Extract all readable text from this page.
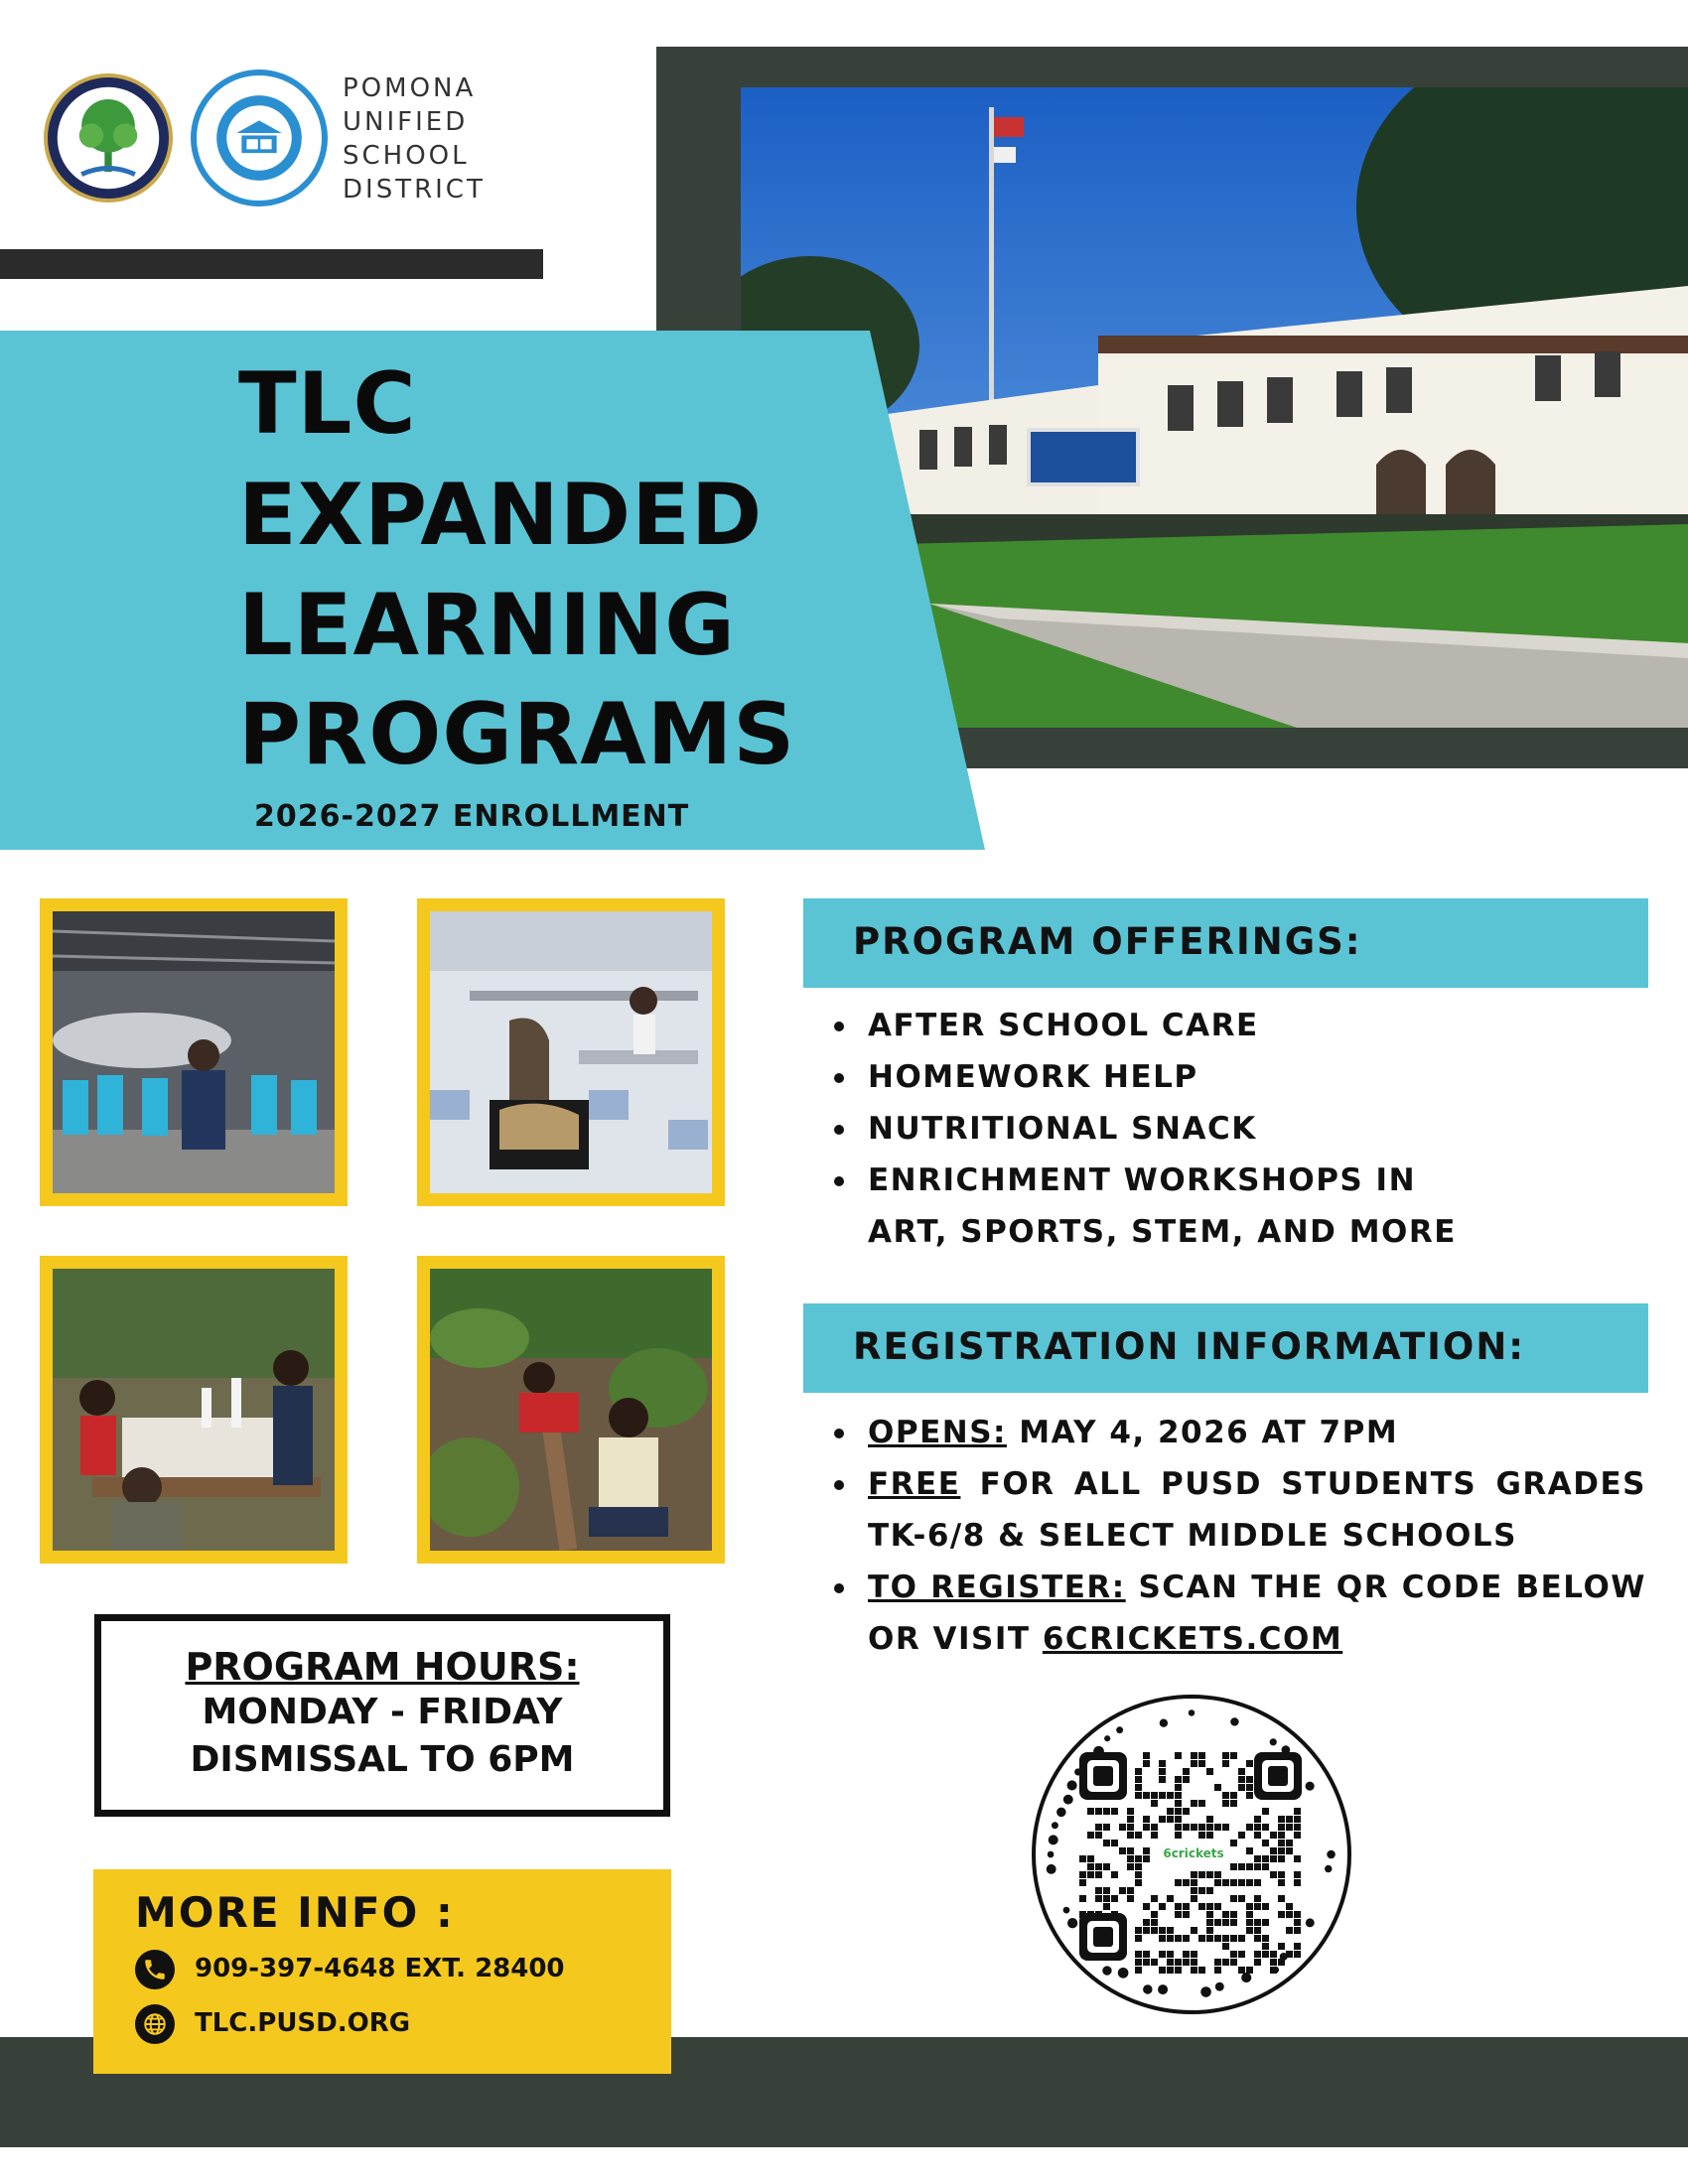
POMONA
UNIFIED
SCHOOL
DISTRICT
TLC
EXPANDED
LEARNING
PROGRAMS
2026-2027 ENROLLMENT
PROGRAM HOURS:
MONDAY - FRIDAY
DISMISSAL TO 6PM
MORE INFO :
909-397-4648 EXT. 28400
TLC.PUSD.ORG
PROGRAM OFFERINGS:
AFTER SCHOOL CARE
HOMEWORK HELP
NUTRITIONAL SNACK
ENRICHMENT WORKSHOPS IN ART, SPORTS, STEM, AND MORE
REGISTRATION INFORMATION:
OPENS: MAY 4, 2026 AT 7PM
FREE FOR ALL PUSD STUDENTS GRADES TK-6/8 & SELECT MIDDLE SCHOOLS
TO REGISTER: SCAN THE QR CODE BELOW OR VISIT 6CRICKETS.COM
6crickets
